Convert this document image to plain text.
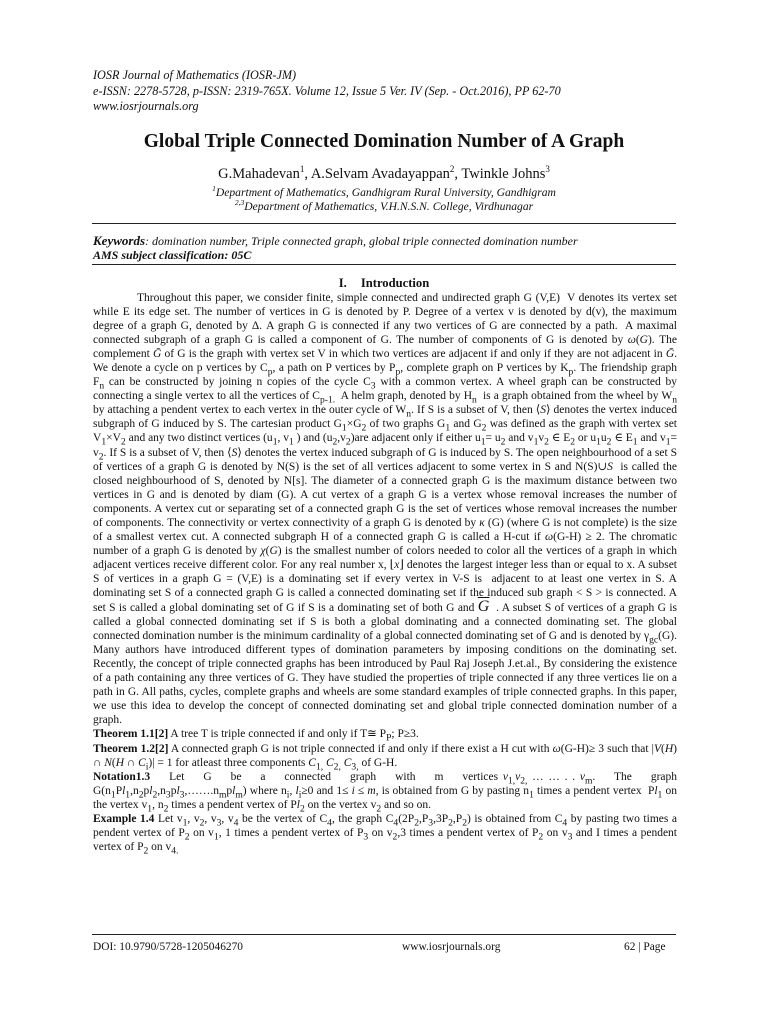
IOSR Journal of Mathematics (IOSR-JM)
e-ISSN: 2278-5728, p-ISSN: 2319-765X. Volume 12, Issue 5 Ver. IV (Sep. - Oct.2016), PP 62-70
www.iosrjournals.org
Global Triple Connected Domination Number of A Graph
G.Mahadevan$^1$, A.Selvam Avadayappan$^2$, Twinkle Johns$^3$
$^1$Department of Mathematics, Gandhigram Rural University, Gandhigram
$^{2,3}$Department of Mathematics, V.H.N.S.N. College, Virdhunagar
Keywords: domination number, Triple connected graph, global triple connected domination number
AMS subject classification: 05C
I. Introduction

Throughout this paper, we consider finite, simple connected and undirected graph G (V,E)  V denotes its vertex set while E its edge set. The number of vertices in G is denoted by P. Degree of a vertex v is denoted by d(v), the maximum degree of a graph G, denoted by Δ. A graph G is connected if any two vertices of G are connected by a path.  A maximal connected subgraph of a graph G is called a component of G. The number of components of G is denoted by ω(G). The complement Ḡ of G is the graph with vertex set V in which two vertices are adjacent if and only if they are not adjacent in Ḡ. We denote a cycle on p vertices by $C_p$, a path on P vertices by $P_p$, complete graph on P vertices by $K_p$. The friendship graph $F_n$ can be constructed by joining n copies of the cycle $C_3$ with a common vertex. A wheel graph can be constructed by connecting a single vertex to all the vertices of $C_{p-1.}$  A helm graph, denoted by $H_n$  is a graph obtained from the wheel by $W_n$ by attaching a pendent vertex to each vertex in the outer cycle of $W_n$. If S is a subset of V, then ⟨S⟩ denotes the vertex induced subgraph of G induced by S. The cartesian product $G_1\times G_2$ of two graphs $G_1$ and $G_2$ was defined as the graph with vertex set $V_1\times V_2$ and any two distinct vertices ($u_1$, $v_1$ ) and $(u_2,v_2)are$ adjacent only if either $u_1= u_2$ and $v_1v_2$ ∈ $E_2$ or $u_1u_2$ ∈ $E_1$ and $v_1= v_2$. If S is a subset of V, then ⟨S⟩ denotes the vertex induced subgraph of G is induced by S. The open neighbourhood of a set S of vertices of a graph G is denoted by N(S) is the set of all vertices adjacent to some vertex in S and N(S)∪S  is called the closed neighbourhood of S, denoted by N[s]. The diameter of a connected graph G is the maximum distance between two vertices in G and is denoted by diam (G). A cut vertex of a graph G is a vertex whose removal increases the number of components. A vertex cut or separating set of a connected graph G is the set of vertices whose removal increases the number of components. The connectivity or vertex connectivity of a graph G is denoted by κ (G) (where G is not complete) is the size of a smallest vertex cut. A connected subgraph H of a connected graph G is called a H-cut if ω(G-H) ≥ 2. The chromatic number of a graph G is denoted by χ(G) is the smallest number of colors needed to color all the vertices of a graph in which adjacent vertices receive different color. For any real number x, ⌊x⌋ denotes the largest integer less than or equal to x. A subset S of vertices in a graph G = (V,E) is a dominating set if every vertex in V-S is  adjacent to at least one vertex in S. A dominating set S of a connected graph G is called a connected dominating set if the induced sub graph < S > is connected. A set S is called a global dominating set of G if S is a dominating set of both G and $\overline{G}$  . A subset S of vertices of a graph G is called a global connected dominating set if S is both a global dominating and a connected dominating set. The global connected domination number is the minimum cardinality of a global connected dominating set of G and is denoted by $\gamma_{gc}(G)$. Many authors have introduced different types of domination parameters by imposing conditions on the dominating set. Recently, the concept of triple connected graphs has been introduced by Paul Raj Joseph J.et.al., By considering the existence of a path containing any three vertices of G. They have studied the properties of triple connected if any three vertices lie on a path in G. All paths, cycles, complete graphs and wheels are some standard examples of triple connected graphs. In this paper, we use this idea to develop the concept of connected dominating set and global triple connected domination number of a graph.

Theorem 1.1[2] A tree T is triple connected if and only if T≅ $P_P$; P≥3.

Theorem 1.2[2] A connected graph G is not triple connected if and only if there exist a H cut with ω(G-H)≥ 3 such that |V(H) ∩ N(H ∩ $C_i)| = 1$ for atleast three components $C_{1,}$ $C_{2,}$ $C_{3,}$ of G-H.

Notation1.3    Let    G    be    a    connected    graph    with    m    vertices $v_{1,}v_{2,}$ … … . . $v_m$.    The    graph

$G(n_1Pl_1,n_2pl_2,n_3pl_3,\dots\dots.n_mpl_m)$ where $n_i$, $l_i\ge 0$ and 1≤ i ≤ m, is obtained from G by pasting $n_1$ times a pendent vertex  $Pl_1$ on the vertex $v_1$, $n_2$ times a pendent vertex of $Pl_2$ on the vertex $v_2$ and so on.

Example 1.4 Let $v_1$, $v_2$, $v_3$, $v_4$ be the vertex of $C_4$, the graph $C_4(2P_2,P_3,3P_2,P_2)$ is obtained from $C_4$ by pasting two times a pendent vertex of $P_2$ on $v_1$, 1 times a pendent vertex of $P_3$ on $v_2,3$ times a pendent vertex of $P_2$ on $v_3$ and I times a pendent vertex of $P_2$ on $v_{4.}$

DOI: 10.9790/5728-1205046270	www.iosrjournals.org	62 | Page
